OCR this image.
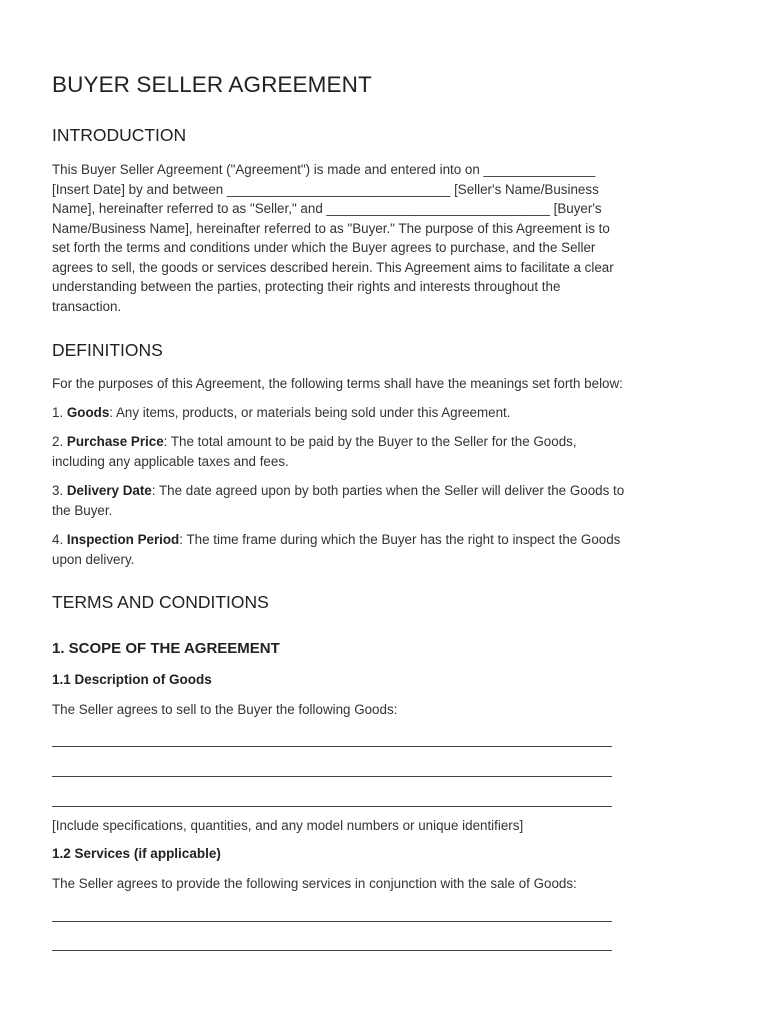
BUYER SELLER AGREEMENT
INTRODUCTION
This Buyer Seller Agreement ("Agreement") is made and entered into on _______________
[Insert Date] by and between ______________________________ [Seller's Name/Business
Name], hereinafter referred to as "Seller," and ______________________________ [Buyer's
Name/Business Name], hereinafter referred to as "Buyer." The purpose of this Agreement is to
set forth the terms and conditions under which the Buyer agrees to purchase, and the Seller
agrees to sell, the goods or services described herein. This Agreement aims to facilitate a clear
understanding between the parties, protecting their rights and interests throughout the
transaction.
DEFINITIONS
For the purposes of this Agreement, the following terms shall have the meanings set forth below:
1. Goods: Any items, products, or materials being sold under this Agreement.
2. Purchase Price: The total amount to be paid by the Buyer to the Seller for the Goods,
including any applicable taxes and fees.
3. Delivery Date: The date agreed upon by both parties when the Seller will deliver the Goods to
the Buyer.
4. Inspection Period: The time frame during which the Buyer has the right to inspect the Goods
upon delivery.
TERMS AND CONDITIONS
1. SCOPE OF THE AGREEMENT
1.1 Description of Goods
The Seller agrees to sell to the Buyer the following Goods:
[Include specifications, quantities, and any model numbers or unique identifiers]
1.2 Services (if applicable)
The Seller agrees to provide the following services in conjunction with the sale of Goods:
